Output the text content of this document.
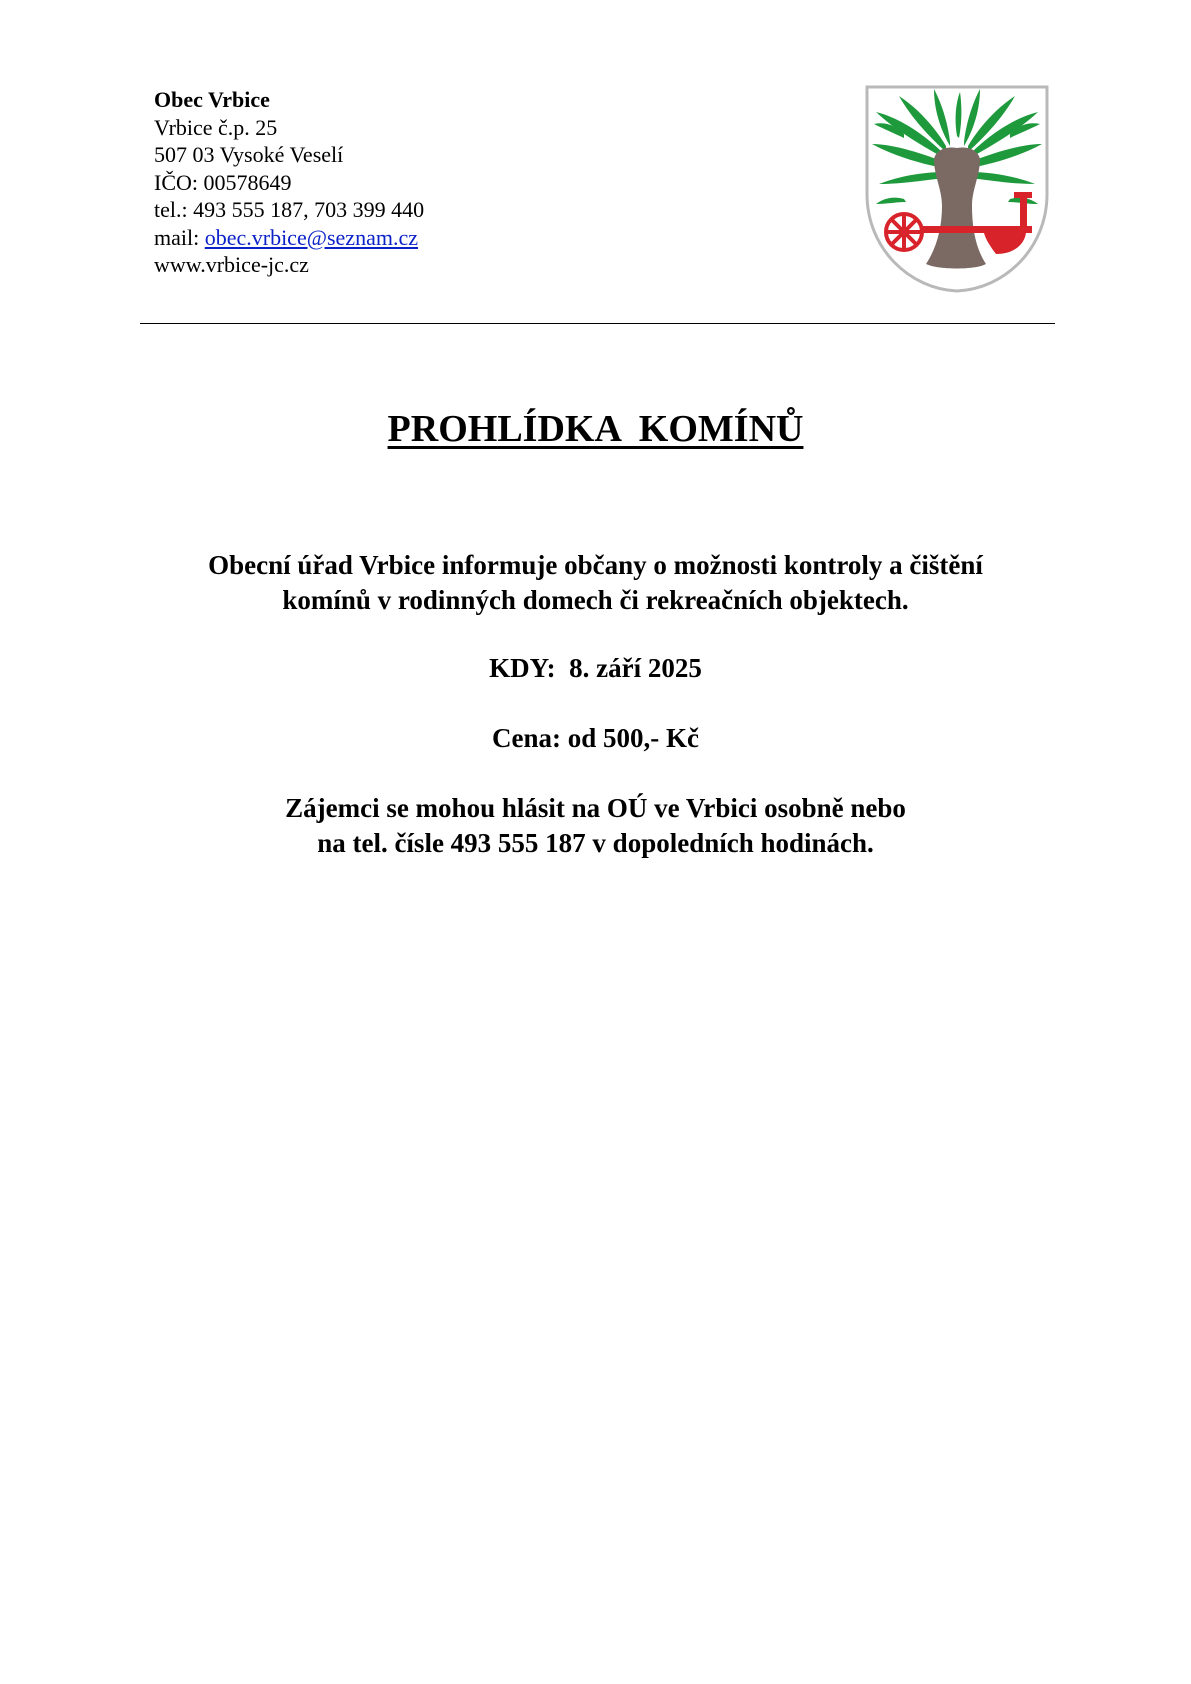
Obec Vrbice
Vrbice č.p. 25
507 03 Vysoké Veselí
IČO: 00578649
tel.: 493 555 187, 703 399 440
mail: obec.vrbice@seznam.cz
www.vrbice-jc.cz
PROHLÍDKA  KOMÍNŮ
Obecní úřad Vrbice informuje občany o možnosti kontroly a čištění
komínů v rodinných domech či rekreačních objektech.
KDY:  8. září 2025
Cena: od 500,- Kč
Zájemci se mohou hlásit na OÚ ve Vrbici osobně nebo
na tel. čísle 493 555 187 v dopoledních hodinách.
